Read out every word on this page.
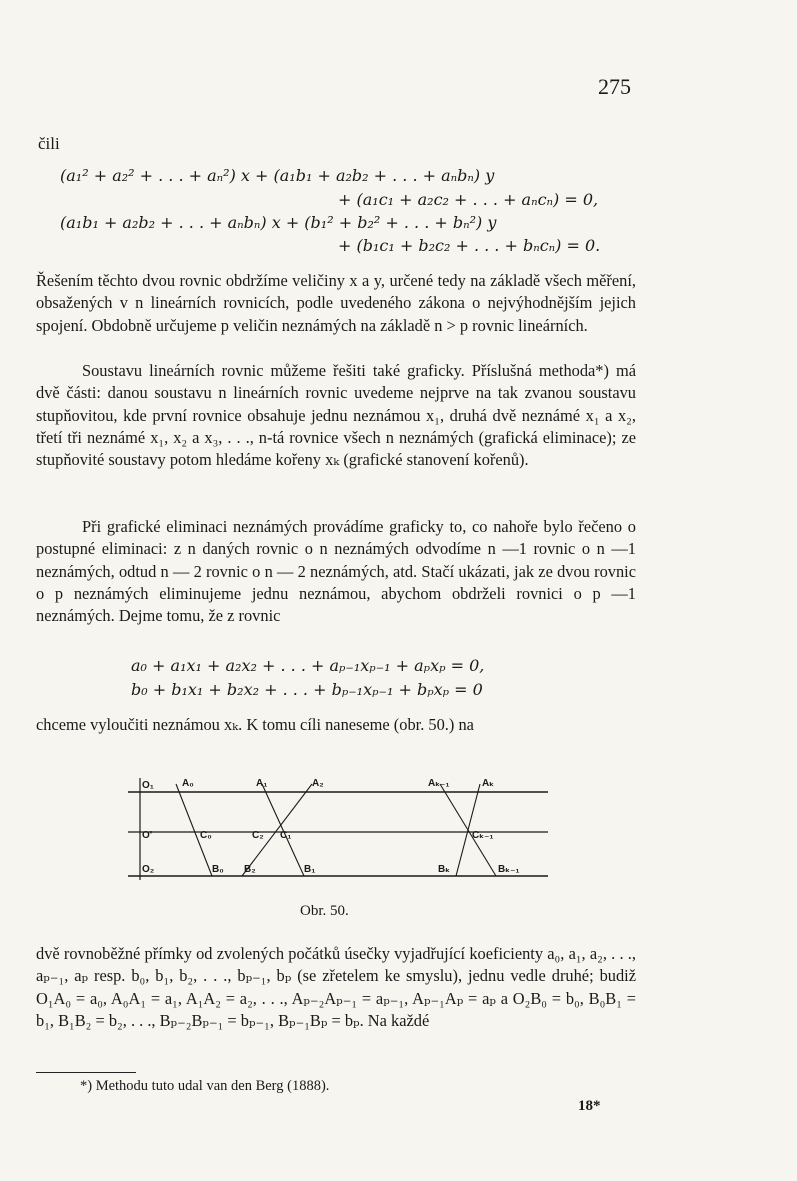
275
čili
(a₁² + a₂² + . . . + aₙ²) x + (a₁b₁ + a₂b₂ + . . . + aₙbₙ) y
+ (a₁c₁ + a₂c₂ + . . . + aₙcₙ) = 0,
(a₁b₁ + a₂b₂ + . . . + aₙbₙ) x + (b₁² + b₂² + . . . + bₙ²) y
+ (b₁c₁ + b₂c₂ + . . . + bₙcₙ) = 0.
Řešením těchto dvou rovnic obdržíme veličiny x a y, určené tedy na základě všech měření, obsažených v n lineárních rovnicích, podle uvedeného zákona o nejvýhodnějším jejich spojení. Obdobně určujeme p veličin neznámých na základě n > p rovnic lineárních.
Soustavu lineárních rovnic můžeme řešiti také graficky. Příslušná methoda*) má dvě části: danou soustavu n lineárních rovnic uvedeme nejprve na tak zvanou soustavu stupňovitou, kde první rovnice obsahuje jednu neznámou x₁, druhá dvě neznámé x₁ a x₂, třetí tři neznámé x₁, x₂ a x₃, . . ., n-tá rovnice všech n neznámých (grafická eliminace); ze stupňovité soustavy potom hledáme kořeny xₖ (grafické stanovení kořenů).
Při grafické eliminaci neznámých provádíme graficky to, co nahoře bylo řečeno o postupné eliminaci: z n daných rovnic o n neznámých odvodíme n —1 rovnic o n —1 neznámých, odtud n — 2 rovnic o n — 2 neznámých, atd. Stačí ukázati, jak ze dvou rovnic o p neznámých eliminujeme jednu neznámou, abychom obdrželi rovnici o p —1 neznámých. Dejme tomu, že z rovnic
a₀ + a₁x₁ + a₂x₂ + . . . + aₚ₋₁xₚ₋₁ + aₚxₚ = 0,
b₀ + b₁x₁ + b₂x₂ + . . . + bₚ₋₁xₚ₋₁ + bₚxₚ = 0
chceme vyloučiti neznámou xₖ. K tomu cíli naneseme (obr. 50.) na
O₁	A₀	A₁	A₂	Aₖ₋₁	Aₖ
O'	C₀	C₂ C₁	Cₖ₋₁
O₂	B₀ B₂	B₁	Bₖ	Bₖ₋₁
Obr. 50.
dvě rovnoběžné přímky od zvolených počátků úsečky vyjadřující koeficienty a₀, a₁, a₂, . . ., aₚ₋₁, aₚ resp. b₀, b₁, b₂, . . ., bₚ₋₁, bₚ (se zřetelem ke smyslu), jednu vedle druhé; budiž O₁A₀ = a₀, A₀A₁ = a₁, A₁A₂ = a₂, . . ., Aₚ₋₂Aₚ₋₁ = aₚ₋₁, Aₚ₋₁Aₚ = aₚ a O₂B₀ = b₀, B₀B₁ = b₁, B₁B₂ = b₂, . . ., Bₚ₋₂Bₚ₋₁ = bₚ₋₁, Bₚ₋₁Bₚ = bₚ. Na každé
*) Methodu tuto udal van den Berg (1888).
18*
